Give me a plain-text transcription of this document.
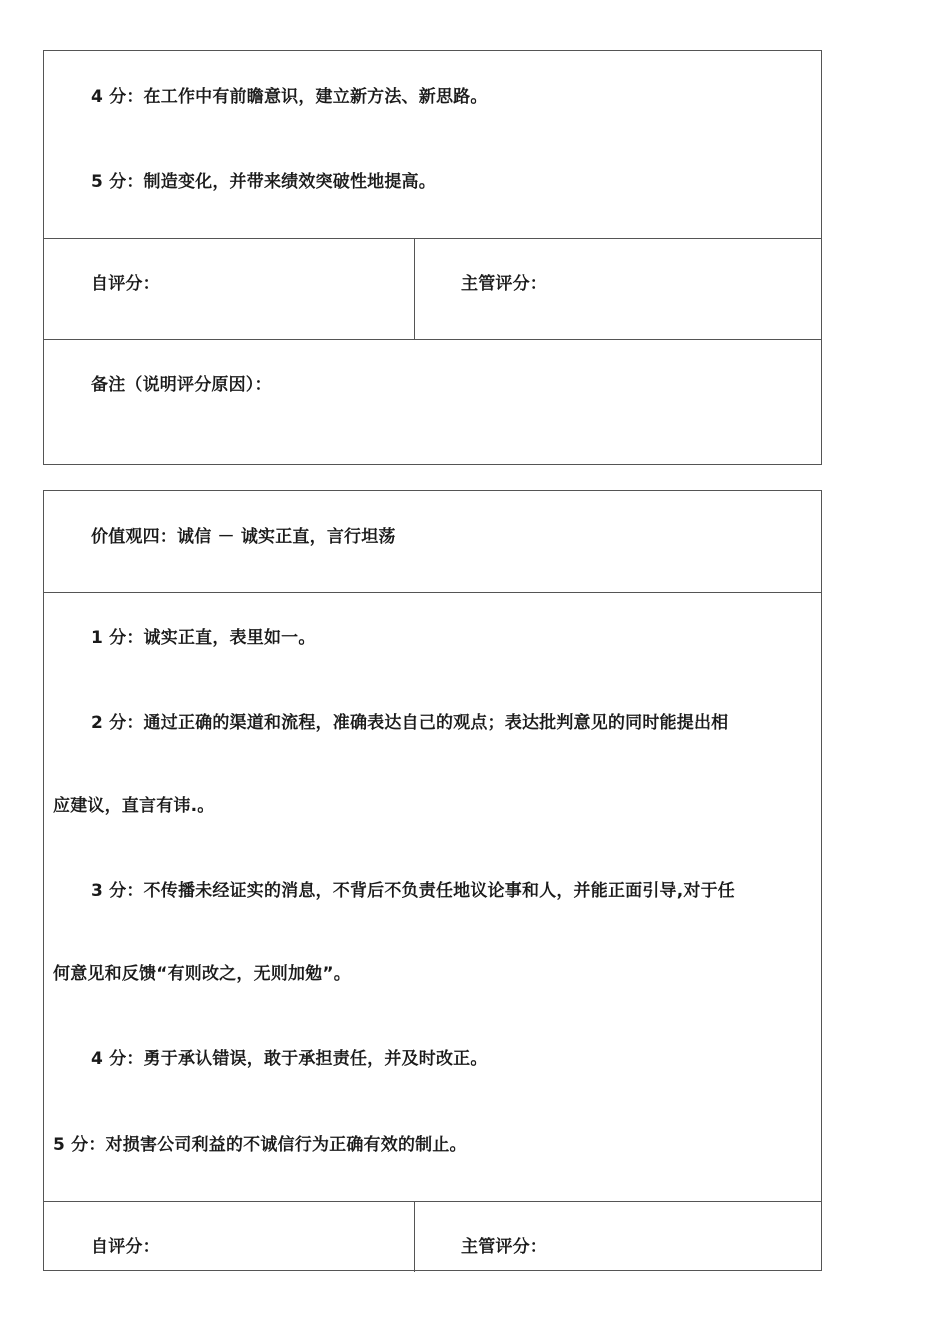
4 分：在工作中有前瞻意识，建立新方法、新思路。
5 分：制造变化，并带来绩效突破性地提高。
自评分：	主管评分：
备注（说明评分原因）：
价值观四：诚信 － 诚实正直，言行坦荡
1 分：诚实正直，表里如一。
2 分：通过正确的渠道和流程，准确表达自己的观点；表达批判意见的同时能提出相
应建议，直言有讳.。
3 分：不传播未经证实的消息，不背后不负责任地议论事和人，并能正面引导,对于任
何意见和反馈“有则改之，无则加勉”。
4 分：勇于承认错误，敢于承担责任，并及时改正。
5 分：对损害公司利益的不诚信行为正确有效的制止。
自评分：	主管评分：
